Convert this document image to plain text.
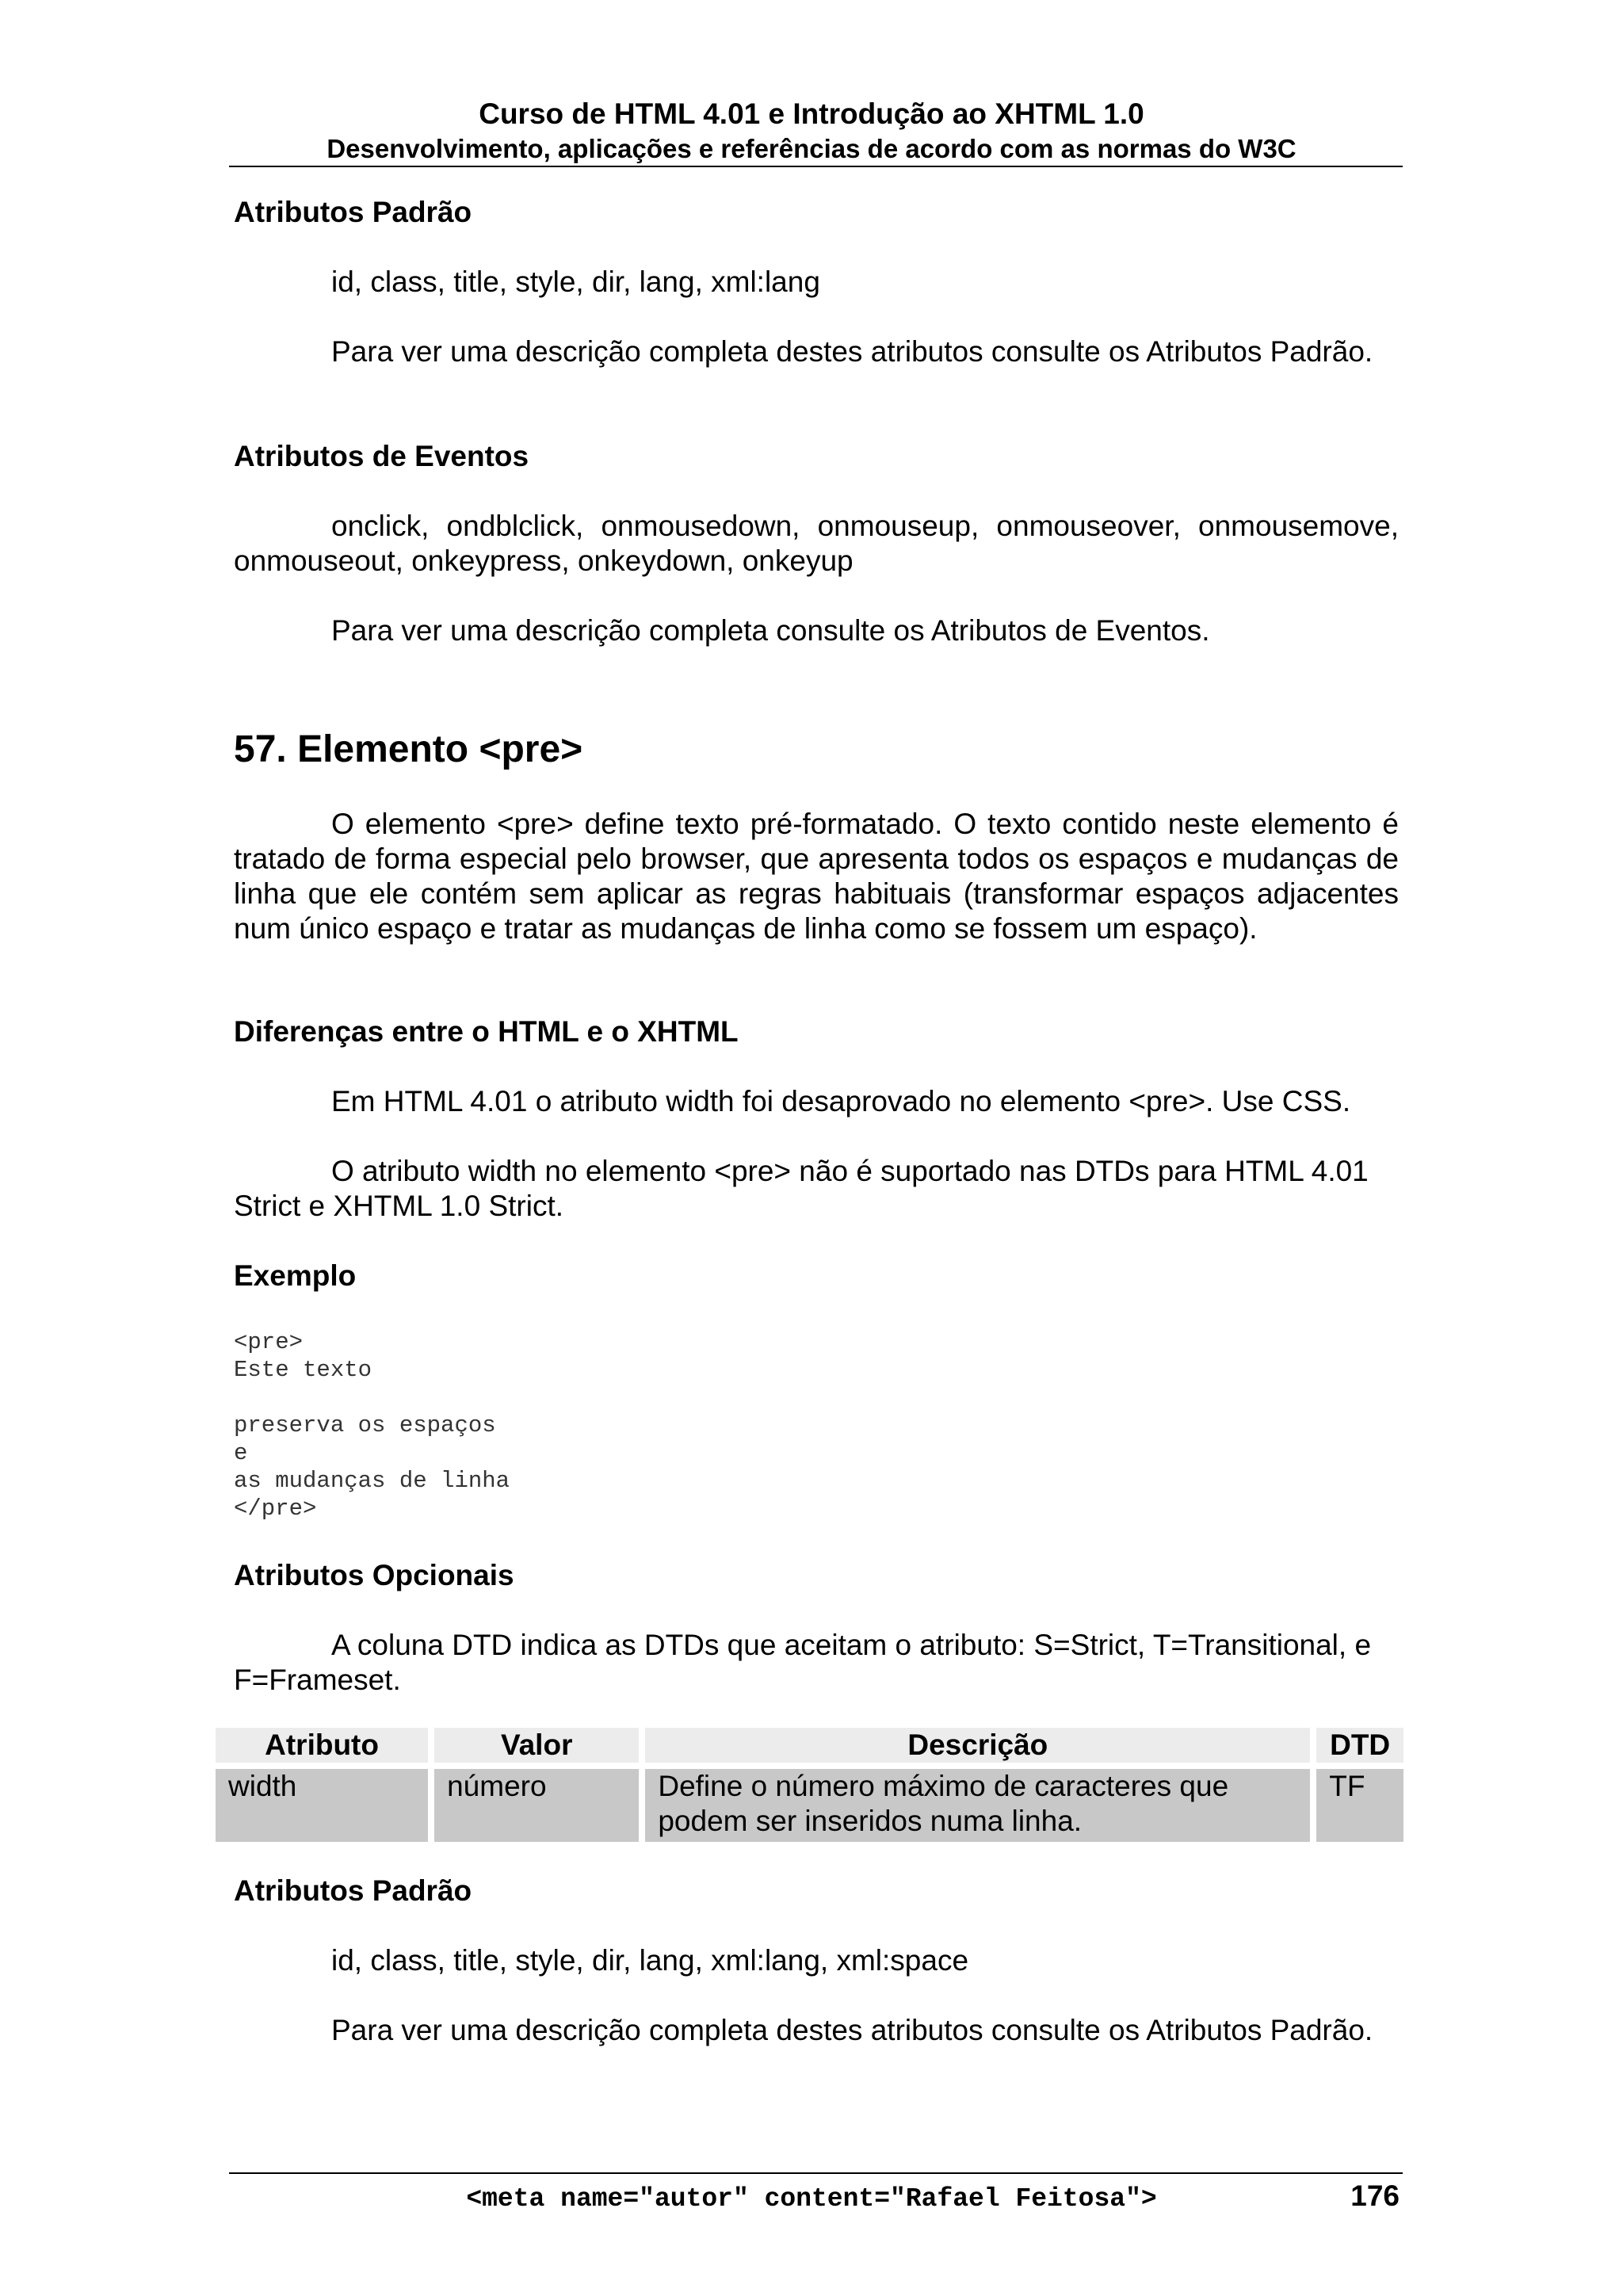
Curso de HTML 4.01 e Introdução ao XHTML 1.0
Desenvolvimento, aplicações e referências de acordo com as normas do W3C
Atributos Padrão

id, class, title, style, dir, lang, xml:lang

Para ver uma descrição completa destes atributos consulte os Atributos Padrão.

Atributos de Eventos

onclick, ondblclick, onmousedown, onmouseup, onmouseover, onmousemove, onmouseout, onkeypress, onkeydown, onkeyup

Para ver uma descrição completa consulte os Atributos de Eventos.

57. Elemento <pre>

O elemento <pre> define texto pré-formatado. O texto contido neste elemento é tratado de forma especial pelo browser, que apresenta todos os espaços e mudanças de linha que ele contém sem aplicar as regras habituais (transformar espaços adjacentes num único espaço e tratar as mudanças de linha como se fossem um espaço).

Diferenças entre o HTML e o XHTML

Em HTML 4.01 o atributo width foi desaprovado no elemento <pre>. Use CSS.

O atributo width no elemento <pre> não é suportado nas DTDs para HTML 4.01 Strict e XHTML 1.0 Strict.

Exemplo
<pre>
Este texto

preserva os espaços
e
as mudanças de linha
</pre>
Atributos Opcionais

A coluna DTD indica as DTDs que aceitam o atributo: S=Strict, T=Transitional, e F=Frameset.

Atributos Padrão

id, class, title, style, dir, lang, xml:lang, xml:space

Para ver uma descrição completa destes atributos consulte os Atributos Padrão.

Atributo	Valor	Descrição	DTD

width	número	Define o número máximo de caracteres que podem ser inseridos numa linha.	TF

<meta name="autor" content="Rafael Feitosa">	176
